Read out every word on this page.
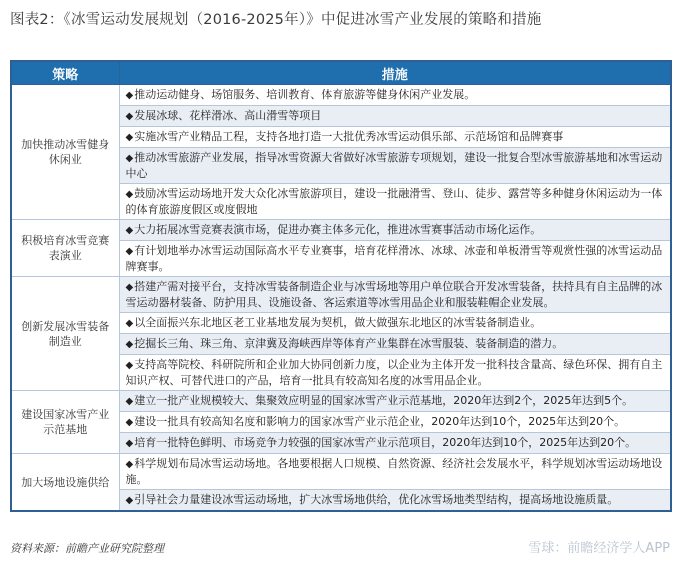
图表2：《冰雪运动发展规划（2016-2025年）》中促进冰雪产业发展的策略和措施
策略	措施
加快推动冰雪健身休闲业	◆推动运动健身、场馆服务、培训教育、体育旅游等健身休闲产业发展。
	◆发展冰球、花样滑冰、高山滑雪等项目
	◆实施冰雪产业精品工程，支持各地打造一大批优秀冰雪运动俱乐部、示范场馆和品牌赛事
	◆推动冰雪旅游产业发展，指导冰雪资源大省做好冰雪旅游专项规划，建设一批复合型冰雪旅游基地和冰雪运动中心
	◆鼓励冰雪运动场地开发大众化冰雪旅游项目，建设一批融滑雪、登山、徒步、露营等多种健身休闲运动为一体的体育旅游度假区或度假地
积极培育冰雪竞赛表演业	◆大力拓展冰雪竞赛表演市场，促进办赛主体多元化，推进冰雪赛事活动市场化运作。
	◆有计划地举办冰雪运动国际高水平专业赛事，培育花样滑冰、冰球、冰壶和单板滑雪等观赏性强的冰雪运动品牌赛事。
创新发展冰雪装备制造业	◆搭建产需对接平台，支持冰雪装备制造企业与冰雪场地等用户单位联合开发冰雪装备，扶持具有自主品牌的冰雪运动器材装备、防护用具、设施设备、客运索道等冰雪用品企业和服装鞋帽企业发展。
	◆以全面振兴东北地区老工业基地发展为契机，做大做强东北地区的冰雪装备制造业。
	◆挖掘长三角、珠三角、京津冀及海峡西岸等体育产业集群在冰雪服装、装备制造的潜力。
	◆支持高等院校、科研院所和企业加大协同创新力度，以企业为主体开发一批科技含量高、绿色环保、拥有自主知识产权、可替代进口的产品，培育一批具有较高知名度的冰雪用品企业。
建设国家冰雪产业示范基地	◆建立一批产业规模较大、集聚效应明显的国家冰雪产业示范基地，2020年达到2个，2025年达到5个。
	◆建设一批具有较高知名度和影响力的国家冰雪产业示范企业，2020年达到10个，2025年达到20个。
	◆培育一批特色鲜明、市场竞争力较强的国家冰雪产业示范项目，2020年达到10个，2025年达到20个。
加大场地设施供给	◆科学规划布局冰雪运动场地。各地要根据人口规模、自然资源、经济社会发展水平，科学规划冰雪运动场地设施。
	◆引导社会力量建设冰雪运动场地，扩大冰雪场地供给，优化冰雪场地类型结构，提高场地设施质量。
资料来源：前瞻产业研究院整理	雪球：前瞻经济学人APP
